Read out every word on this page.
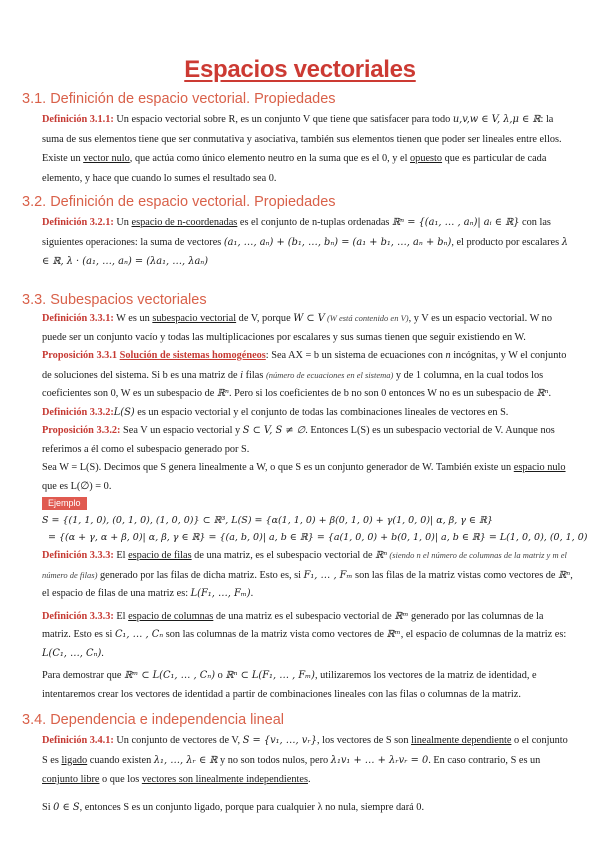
Espacios vectoriales
3.1. Definición de espacio vectorial. Propiedades

Definición 3.1.1: Un espacio vectorial sobre R, es un conjunto V que tiene que satisfacer para todo u,v,w ∈ V, λ,μ ∈ ℝ: la suma de sus elementos tiene que ser conmutativa y asociativa, también sus elementos tienen que poder ser lineales entre ellos. Existe un vector nulo, que actúa como único elemento neutro en la suma que es el 0, y el opuesto que es particular de cada elemento, y hace que cuando lo sumes el resultado sea 0.

3.2. Definición de espacio vectorial. Propiedades

Definición 3.2.1: Un espacio de n-coordenadas es el conjunto de n-tuplas ordenadas ℝⁿ = {(a₁, … , aₙ)| aᵢ ∈ ℝ} con las siguientes operaciones: la suma de vectores (a₁, …, aₙ) + (b₁, …, bₙ) = (a₁ + b₁, …, aₙ + bₙ), el producto por escalares λ ∈ ℝ, λ · (a₁, …, aₙ) = (λa₁, …, λaₙ)

3.3. Subespacios vectoriales

Definición 3.3.1: W es un subespacio vectorial de V, porque W ⊂ V (W está contenido en V), y V es un espacio vectorial. W no puede ser un conjunto vacío y todas las multiplicaciones por escalares y sus sumas tienen que seguir existiendo en W.

Proposición 3.3.1 Solución de sistemas homogéneos: Sea AX = b un sistema de ecuaciones con n incógnitas, y W el conjunto de soluciones del sistema. Si b es una matriz de i filas (número de ecuaciones en el sistema) y de 1 columna, en la cual todos los coeficientes son 0, W es un subespacio de ℝⁿ. Pero si los coeficientes de b no son 0 entonces W no es un subespacio de ℝⁿ.

Definición 3.3.2:L(S) es un espacio vectorial y el conjunto de todas las combinaciones lineales de vectores en S.

Proposición 3.3.2: Sea V un espacio vectorial y S ⊂ V, S ≠ ∅. Entonces L(S) es un subespacio vectorial de V. Aunque nos referimos a él como el subespacio generado por S.

Sea W = L(S). Decimos que S genera linealmente a W, o que S es un conjunto generador de W. También existe un espacio nulo que es L(∅) = 0.

Ejemplo

S = {(1, 1, 0), (0, 1, 0), (1, 0, 0)} ⊂ ℝ³, L(S) = {α(1, 1, 0) + β(0, 1, 0) + γ(1, 0, 0)| α, β, γ ∈ ℝ}

= {(α + γ, α + β, 0)| α, β, γ ∈ ℝ} = {(a, b, 0)| a, b ∈ ℝ} = {a(1, 0, 0) + b(0, 1, 0)| a, b ∈ ℝ} = L(1, 0, 0), (0, 1, 0)

Definición 3.3.3: El espacio de filas de una matriz, es el subespacio vectorial de ℝⁿ (siendo n el número de columnas de la matriz y m el número de filas) generado por las filas de dicha matriz. Esto es, si F₁, … , Fₘ son las filas de la matriz vistas como vectores de ℝⁿ, el espacio de filas de una matriz es: L(F₁, …, Fₘ).

Definición 3.3.3: El espacio de columnas de una matriz es el subespacio vectorial de ℝᵐ generado por las columnas de la matriz. Esto es si C₁, … , Cₙ son las columnas de la matriz vista como vectores de ℝᵐ, el espacio de columnas de la matriz es: L(C₁, …, Cₙ).

Para demostrar que ℝᵐ ⊂ L(C₁, … , Cₙ) o ℝⁿ ⊂ L(F₁, … , Fₘ), utilizaremos los vectores de la matriz de identidad, e intentaremos crear los vectores de identidad a partir de combinaciones lineales con las filas o columnas de la matriz.

3.4. Dependencia e independencia lineal

Definición 3.4.1: Un conjunto de vectores de V, S = {v₁, …, vᵣ}, los vectores de S son linealmente dependiente o el conjunto S es ligado cuando existen λ₁, …, λᵣ ∈ ℝ y no son todos nulos, pero λ₁v₁ + … + λᵣvᵣ = 0. En caso contrario, S es un conjunto libre o que los vectores son linealmente independientes.

Si 0 ∈ S, entonces S es un conjunto ligado, porque para cualquier λ no nula, siempre dará 0.
